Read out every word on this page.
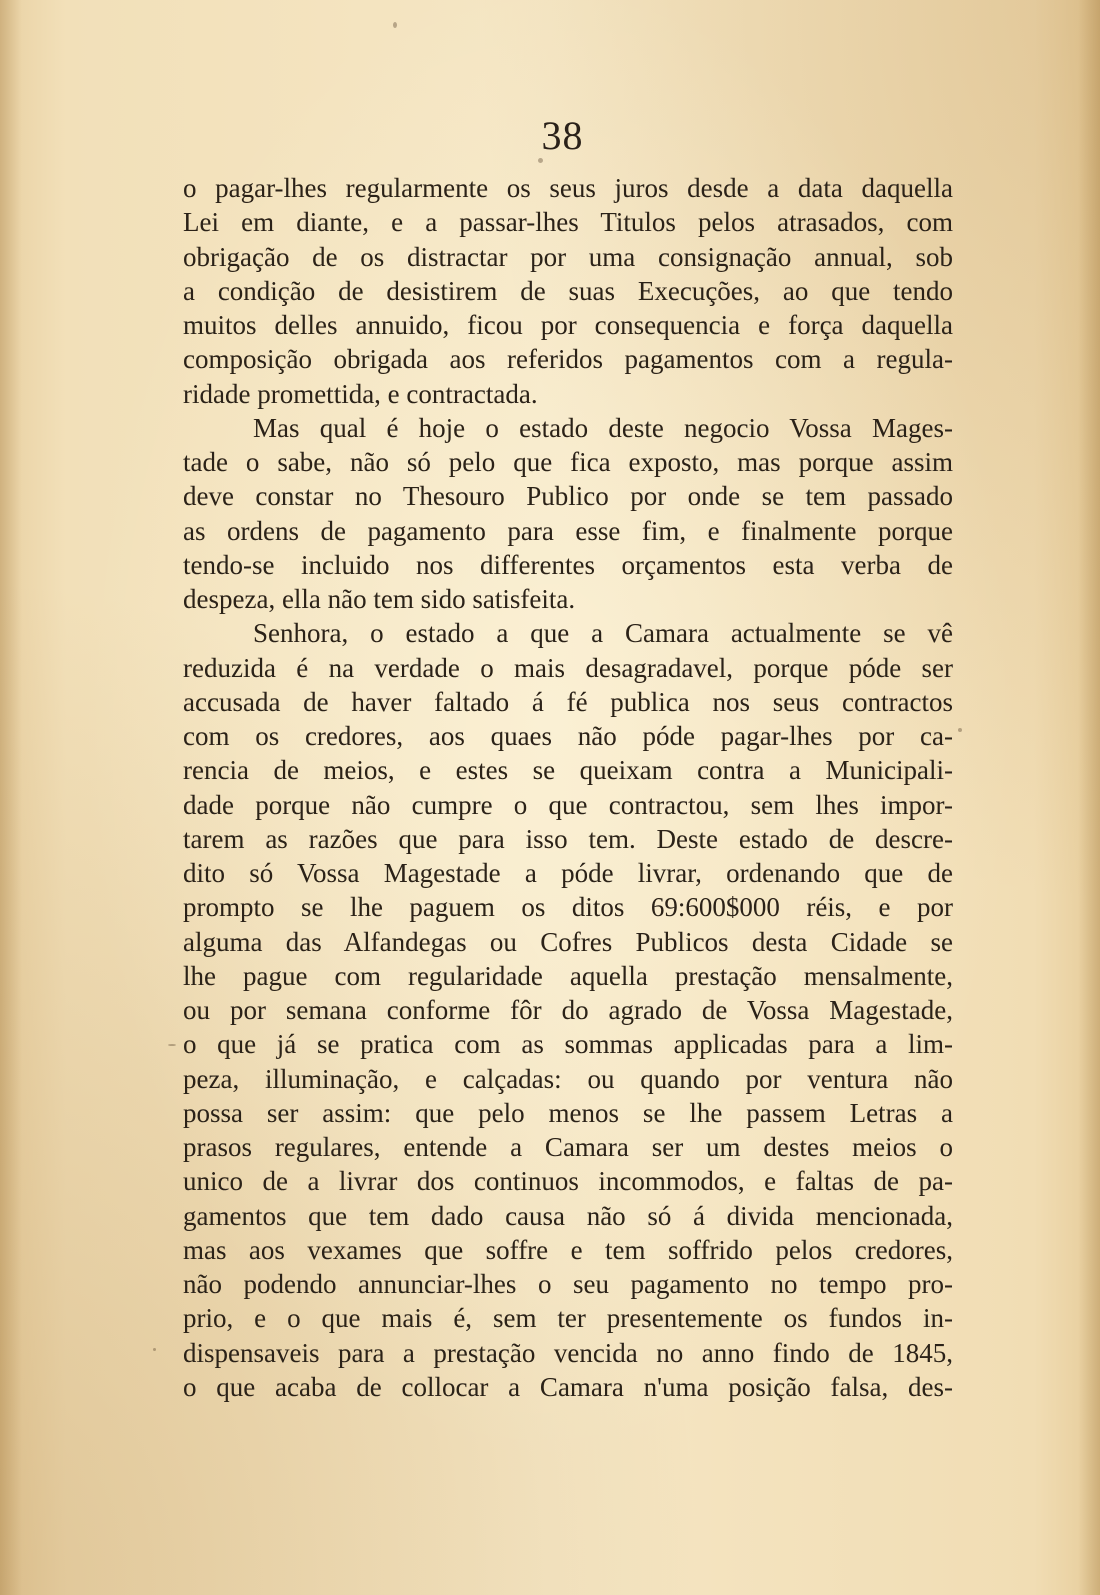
38
o pagar-lhes regularmente os seus juros desde a data daquella
Lei em diante, e a passar-lhes Titulos pelos atrasados, com
obrigação de os distractar por uma consignação annual, sob
a condição de desistirem de suas Execuções, ao que tendo
muitos delles annuido, ficou por consequencia e força daquella
composição obrigada aos referidos pagamentos com a regula-
ridade promettida, e contractada.
Mas qual é hoje o estado deste negocio Vossa Mages-
tade o sabe, não só pelo que fica exposto, mas porque assim
deve constar no Thesouro Publico por onde se tem passado
as ordens de pagamento para esse fim, e finalmente porque
tendo-se incluido nos differentes orçamentos esta verba de
despeza, ella não tem sido satisfeita.
Senhora, o estado a que a Camara actualmente se vê
reduzida é na verdade o mais desagradavel, porque póde ser
accusada de haver faltado á fé publica nos seus contractos
com os credores, aos quaes não póde pagar-lhes por ca-
rencia de meios, e estes se queixam contra a Municipali-
dade porque não cumpre o que contractou, sem lhes impor-
tarem as razões que para isso tem. Deste estado de descre-
dito só Vossa Magestade a póde livrar, ordenando que de
prompto se lhe paguem os ditos 69:600$000 réis, e por
alguma das Alfandegas ou Cofres Publicos desta Cidade se
lhe pague com regularidade aquella prestação mensalmente,
ou por semana conforme fôr do agrado de Vossa Magestade,
o que já se pratica com as sommas applicadas para a lim-
peza, illuminação, e calçadas: ou quando por ventura não
possa ser assim: que pelo menos se lhe passem Letras a
prasos regulares, entende a Camara ser um destes meios o
unico de a livrar dos continuos incommodos, e faltas de pa-
gamentos que tem dado causa não só á divida mencionada,
mas aos vexames que soffre e tem soffrido pelos credores,
não podendo annunciar-lhes o seu pagamento no tempo pro-
prio, e o que mais é, sem ter presentemente os fundos in-
dispensaveis para a prestação vencida no anno findo de 1845,
o que acaba de collocar a Camara n'uma posição falsa, des-
